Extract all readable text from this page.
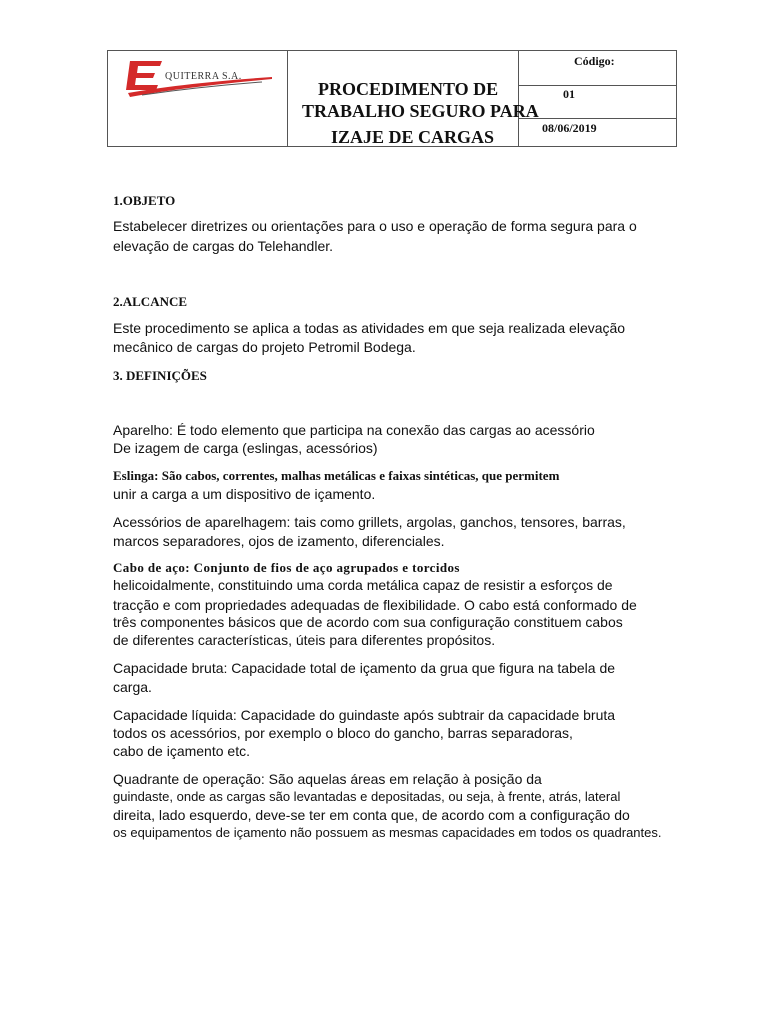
QUITERRA S.A.
PROCEDIMENTO DE
TRABALHO SEGURO PARA
IZAJE DE CARGAS
Código:
01
08/06/2019
1.OBJETO
Estabelecer diretrizes ou orientações para o uso e operação de forma segura para o
elevação de cargas do Telehandler.
2.ALCANCE
Este procedimento se aplica a todas as atividades em que seja realizada elevação
mecânico de cargas do projeto Petromil Bodega.
3. DEFINIÇÕES
Aparelho: É todo elemento que participa na conexão das cargas ao acessório
De izagem de carga (eslingas, acessórios)
Eslinga: São cabos, correntes, malhas metálicas e faixas sintéticas, que permitem
unir a carga a um dispositivo de içamento.
Acessórios de aparelhagem: tais como grillets, argolas, ganchos, tensores, barras,
marcos separadores, ojos de izamento, diferenciales.
Cabo de aço: Conjunto de fios de aço agrupados e torcidos
helicoidalmente, constituindo uma corda metálica capaz de resistir a esforços de
tracção e com propriedades adequadas de flexibilidade. O cabo está conformado de
três componentes básicos que de acordo com sua configuração constituem cabos
de diferentes características, úteis para diferentes propósitos.
Capacidade bruta: Capacidade total de içamento da grua que figura na tabela de
carga.
Capacidade líquida: Capacidade do guindaste após subtrair da capacidade bruta
todos os acessórios, por exemplo o bloco do gancho, barras separadoras,
cabo de içamento etc.
Quadrante de operação: São aquelas áreas em relação à posição da
guindaste, onde as cargas são levantadas e depositadas, ou seja, à frente, atrás, lateral
direita, lado esquerdo, deve-se ter em conta que, de acordo com a configuração do
os equipamentos de içamento não possuem as mesmas capacidades em todos os quadrantes.
